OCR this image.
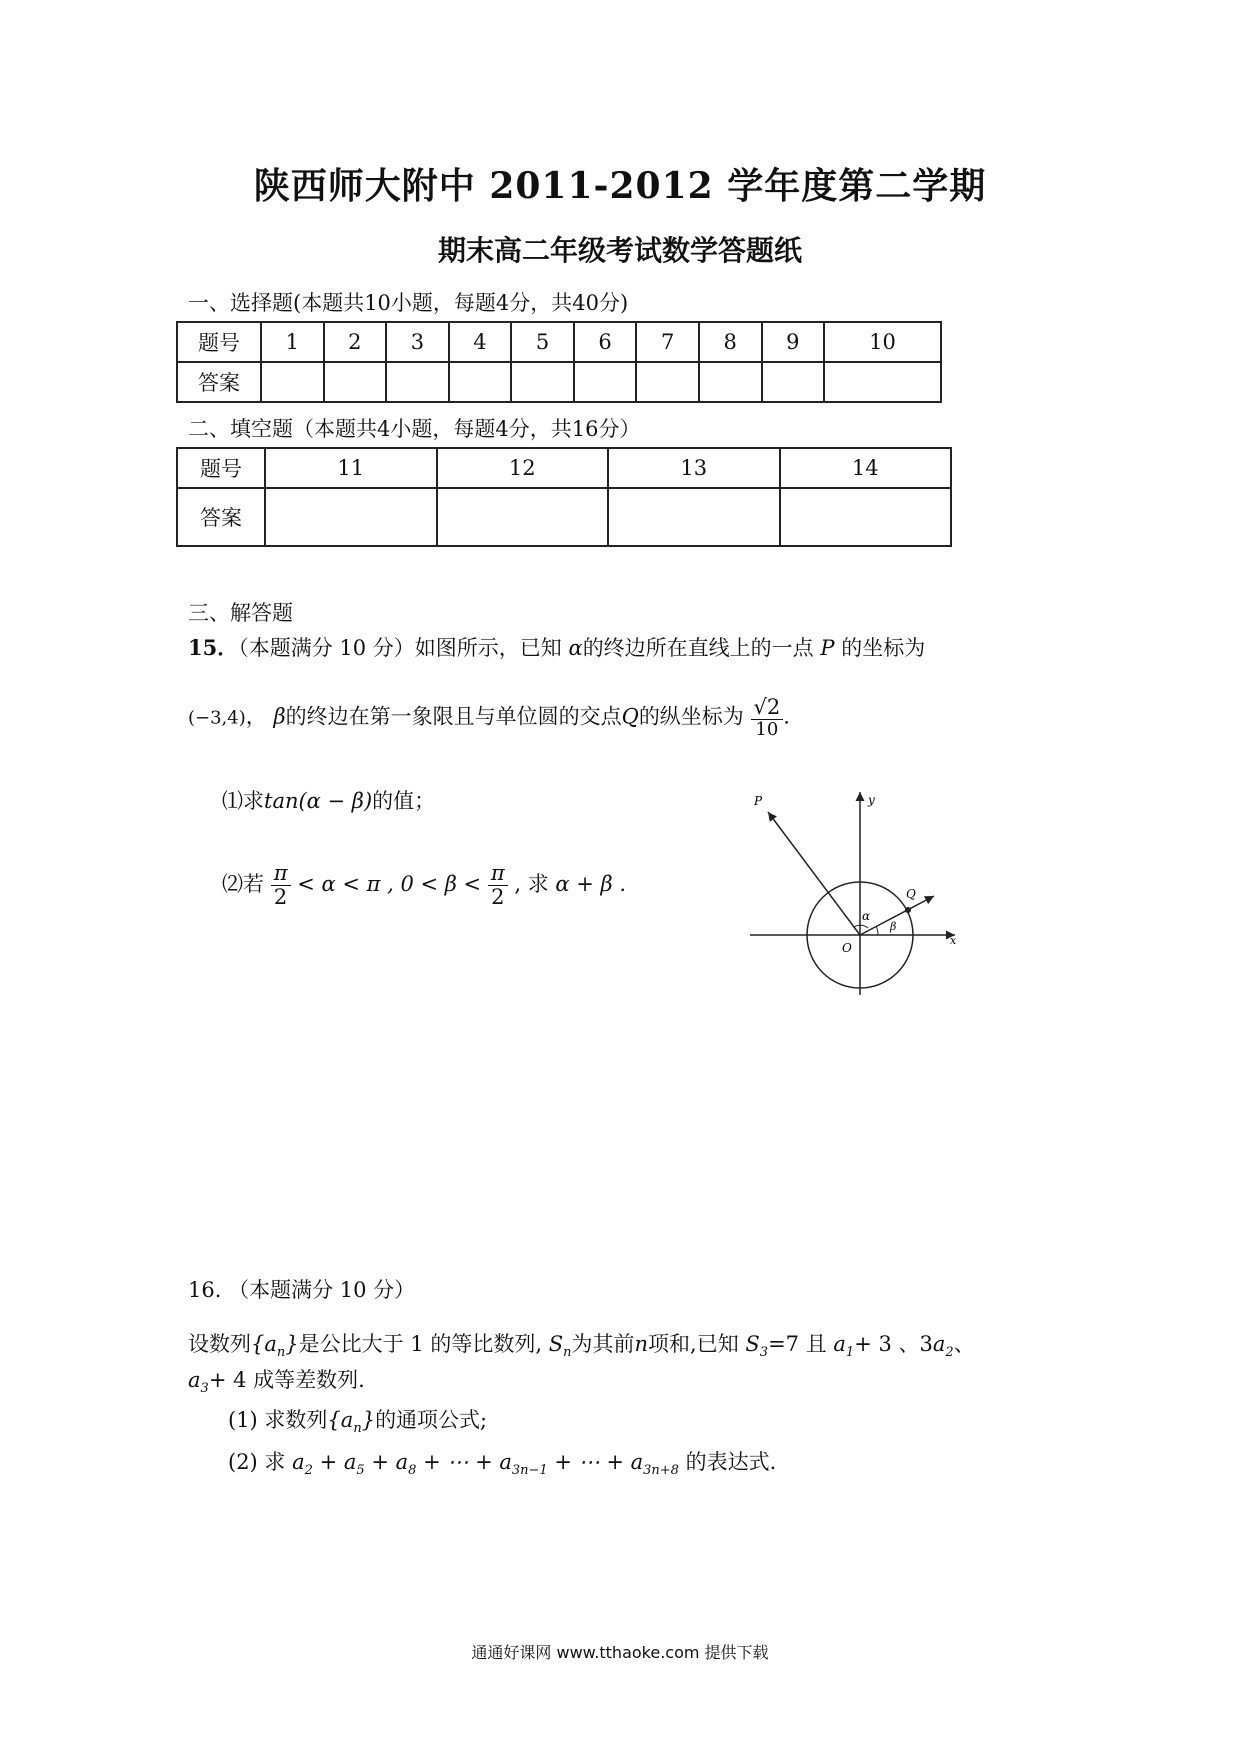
陕西师大附中 2011-2012 学年度第二学期
期末高二年级考试数学答题纸
一、选择题(本题共10小题，每题4分，共40分)
题号	1	2	3	4	5	6	7	8	9	10
答案										
二、填空题（本题共4小题，每题4分，共16分）
题号	11	12	13	14
答案				
三、解答题
15．（本题满分 10 分）如图所示，已知 α的终边所在直线上的一点 P 的坐标为
(−3,4)， β的终边在第一象限且与单位圆的交点Q的纵坐标为 $\frac{√2}{10}$ .
⑴求tan(α − β)的值；
⑵若 $\frac{\pi}{2} < \alpha < \pi$ , $0 < \beta < \frac{\pi}{2}$ , 求 α + β .
P	y
Q
α
β
O
x
16. （本题满分 10 分）
设数列$\{a_n\}$是公比大于 1 的等比数列, $S_n$为其前n项和,已知 $S_3=7$ 且 $a_1+ 3$ 、$3a_2$、
$a_3+ 4$ 成等差数列.
(1) 求数列$\{a_n\}$的通项公式;
(2) 求 $a_2 + a_5 + a_8$ + ⋯ + $a_{3n-1}$ + ⋯ + $a_{3n+8}$ 的表达式.
通通好课网 www.tthaoke.com 提供下载
